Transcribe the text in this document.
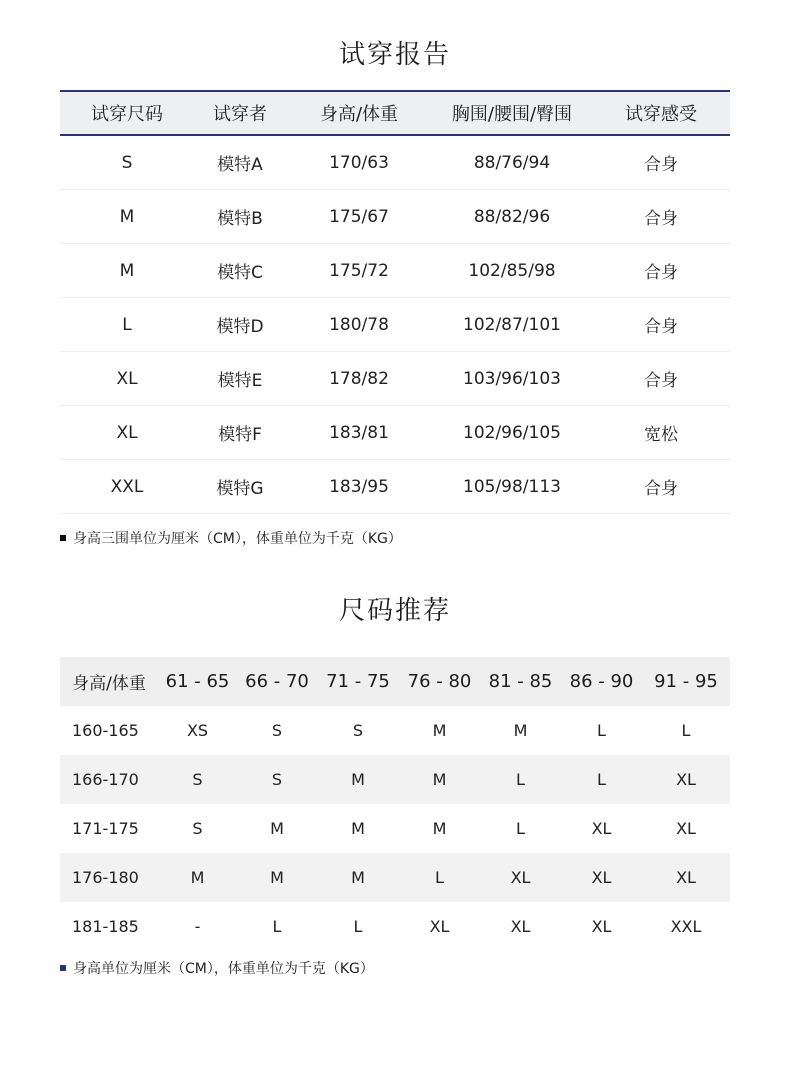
试穿报告
试穿尺码	试穿者	身高/体重	胸围/腰围/臀围	试穿感受
S	模特A	170/63	88/76/94	合身
M	模特B	175/67	88/82/96	合身
M	模特C	175/72	102/85/98	合身
L	模特D	180/78	102/87/101	合身
XL	模特E	178/82	103/96/103	合身
XL	模特F	183/81	102/96/105	宽松
XXL	模特G	183/95	105/98/113	合身
身高三围单位为厘米（CM），体重单位为千克（KG）
尺码推荐
身高/体重	61 - 65	66 - 70	71 - 75	76 - 80	81 - 85	86 - 90	91 - 95
160-165	XS	S	S	M	M	L	L
166-170	S	S	M	M	L	L	XL
171-175	S	M	M	M	L	XL	XL
176-180	M	M	M	L	XL	XL	XL
181-185	-	L	L	XL	XL	XL	XXL
身高单位为厘米（CM），体重单位为千克（KG）
